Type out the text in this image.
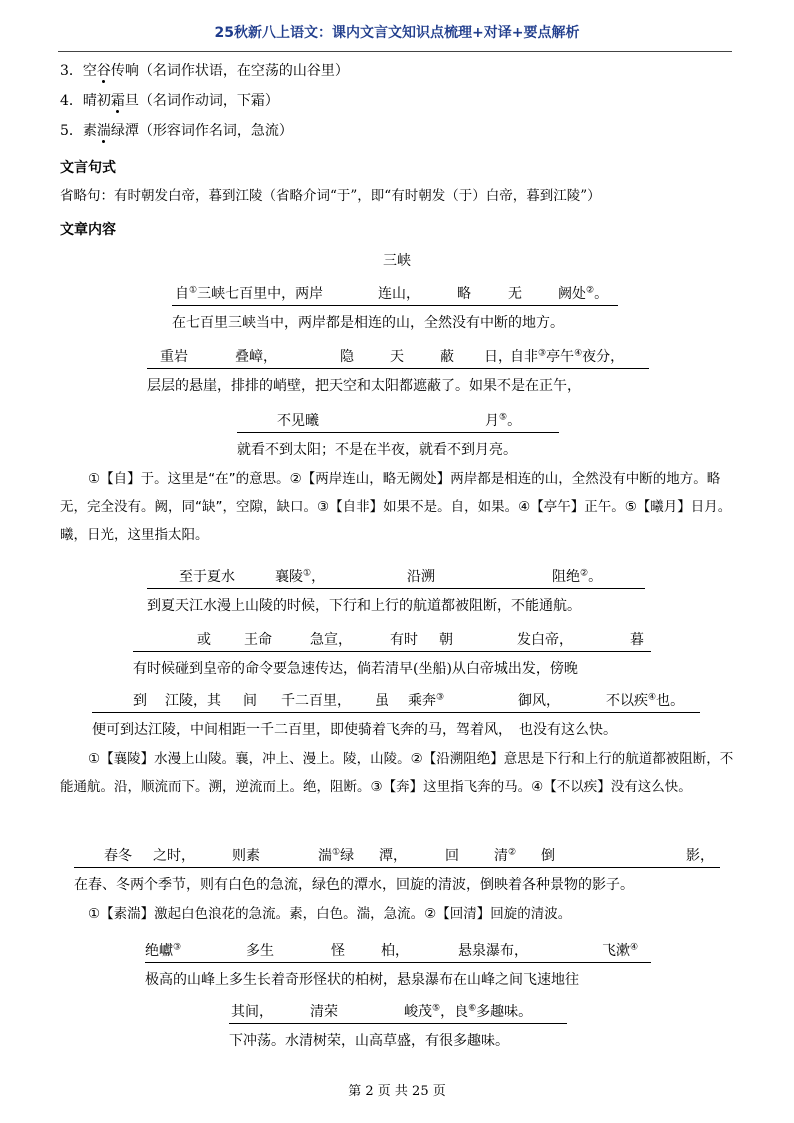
25秋新八上语文：课内文言文知识点梳理+对译+要点解析
3．空谷传响（名词作状语，在空荡的山谷里）
4．晴初霜旦（名词作动词，下霜）
5．素湍绿潭（形容词作名词，急流）
文言句式
省略句：有时朝发白帝，暮到江陵（省略介词“于”，即“有时朝发（于）白帝，暮到江陵”）
文章内容
三峡
自①三峡七百里中，两岸	连山，	略	无	阙处②。
在七百里三峡当中，两岸都是相连的山，全然没有中断的地方。
重岩	叠嶂，	隐	天	蔽 日，
自非③亭午④夜分，
层层的悬崖，排排的峭壁，把天空和太阳都遮蔽了。如果不是在正午，
不见曦	月⑤。
就看不到太阳；不是在半夜，就看不到月亮。
①【自】于。这里是“在”的意思。②【两岸连山，略无阙处】两岸都是相连的山，全然没有中断的地方。略无，完全没有。阙，同“缺”，空隙，缺口。③【自非】如果不是。自，如果。④【亭午】正午。⑤【曦月】日月。曦，日光，这里指太阳。
至于夏水	襄陵①，	沿溯	阻绝②。
到夏天江水漫上山陵的时候，下行和上行的航道都被阻断，不能通航。
或 王命	急宣，	有时 朝	发白帝，	暮
有时候碰到皇帝的命令要急速传达，倘若清早(坐船)从白帝城出发，傍晚
到 江陵，其 间 千二百里， 虽 乘奔③	御风，	不以疾④也。
便可到达江陵，中间相距一千二百里，即使骑着飞奔的马，驾着风，　也没有这么快。
①【襄陵】水漫上山陵。襄，冲上、漫上。陵，山陵。②【沿溯阻绝】意思是下行和上行的航道都被阻断，不能通航。沿，顺流而下。溯，逆流而上。绝，阻断。③【奔】这里指飞奔的马。④【不以疾】没有这么快。
春冬 之时，	则素	湍①绿 潭，	回	清② 倒	影，
在春、冬两个季节，则有白色的急流，绿色的潭水，回旋的清波，倒映着各种景物的影子。
①【素湍】激起白色浪花的急流。素，白色。湍，急流。②【回清】回旋的清波。
绝巘③	多生	怪	柏，	悬泉瀑布，	飞漱④
极高的山峰上多生长着奇形怪状的柏树，悬泉瀑布在山峰之间飞速地往
其间，	清荣	峻茂⑤，良⑥多趣味。
下冲荡。水清树荣，山高草盛，有很多趣味。
第 2 页 共 25 页
